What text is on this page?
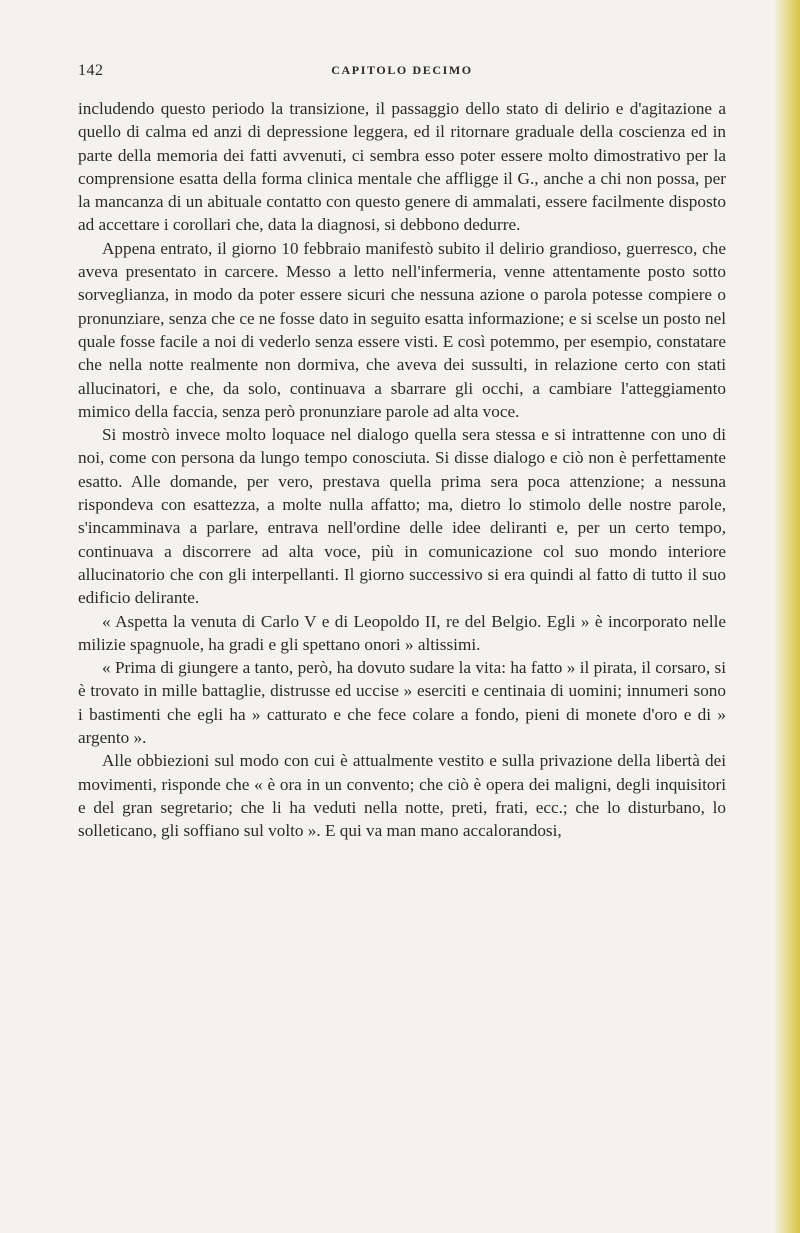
142	CAPITOLO DECIMO

includendo questo periodo la transizione, il passaggio dello stato di delirio e d'agitazione a quello di calma ed anzi di depressione leggera, ed il ritornare graduale della coscienza ed in parte della memoria dei fatti avvenuti, ci sembra esso poter essere molto dimostrativo per la comprensione esatta della forma clinica mentale che affligge il G., anche a chi non possa, per la mancanza di un abituale contatto con questo genere di ammalati, essere facilmente disposto ad accettare i corollari che, data la diagnosi, si debbono dedurre.

Appena entrato, il giorno 10 febbraio manifestò subito il delirio grandioso, guerresco, che aveva presentato in carcere. Messo a letto nell'infermeria, venne attentamente posto sotto sorveglianza, in modo da poter essere sicuri che nessuna azione o parola potesse compiere o pronunziare, senza che ce ne fosse dato in seguito esatta informazione; e si scelse un posto nel quale fosse facile a noi di vederlo senza essere visti. E così potemmo, per esempio, constatare che nella notte realmente non dormiva, che aveva dei sussulti, in relazione certo con stati allucinatori, e che, da solo, continuava a sbarrare gli occhi, a cambiare l'atteggiamento mimico della faccia, senza però pronunziare parole ad alta voce.

Si mostrò invece molto loquace nel dialogo quella sera stessa e si intrattenne con uno di noi, come con persona da lungo tempo conosciuta. Si disse dialogo e ciò non è perfettamente esatto. Alle domande, per vero, prestava quella prima sera poca attenzione; a nessuna rispondeva con esattezza, a molte nulla affatto; ma, dietro lo stimolo delle nostre parole, s'incamminava a parlare, entrava nell'ordine delle idee deliranti e, per un certo tempo, continuava a discorrere ad alta voce, più in comunicazione col suo mondo interiore allucinatorio che con gli interpellanti. Il giorno successivo si era quindi al fatto di tutto il suo edificio delirante.

« Aspetta la venuta di Carlo V e di Leopoldo II, re del Belgio. Egli » è incorporato nelle milizie spagnuole, ha gradi e gli spettano onori » altissimi.

« Prima di giungere a tanto, però, ha dovuto sudare la vita: ha fatto » il pirata, il corsaro, si è trovato in mille battaglie, distrusse ed uccise » eserciti e centinaia di uomini; innumeri sono i bastimenti che egli ha » catturato e che fece colare a fondo, pieni di monete d'oro e di » argento ».

Alle obbiezioni sul modo con cui è attualmente vestito e sulla privazione della libertà dei movimenti, risponde che « è ora in un convento; che ciò è opera dei maligni, degli inquisitori e del gran segretario; che li ha veduti nella notte, preti, frati, ecc.; che lo disturbano, lo solleticano, gli soffiano sul volto ». E qui va man mano accalorandosi,
